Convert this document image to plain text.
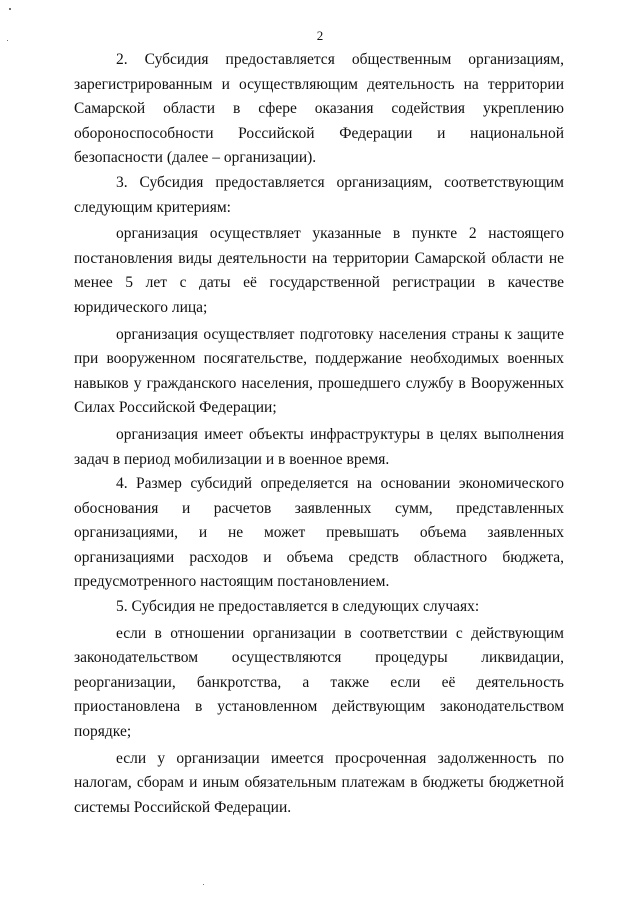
2

2. Субсидия предоставляется общественным организациям, зарегистрированным и осуществляющим деятельность на территории Самарской области в сфере оказания содействия укреплению обороноспособности Российской Федерации и национальной безопасности (далее – организации).

3. Субсидия предоставляется организациям, соответствующим следующим критериям:

организация осуществляет указанные в пункте 2 настоящего постановления виды деятельности на территории Самарской области не менее 5 лет с даты её государственной регистрации в качестве юридического лица;

организация осуществляет подготовку населения страны к защите при вооруженном посягательстве, поддержание необходимых военных навыков у гражданского населения, прошедшего службу в Вооруженных Силах Российской Федерации;

организация имеет объекты инфраструктуры в целях выполнения задач в период мобилизации и в военное время.

4. Размер субсидий определяется на основании экономического обоснования и расчетов заявленных сумм, представленных организациями, и не может превышать объема заявленных организациями расходов и объема средств областного бюджета, предусмотренного настоящим постановлением.

5. Субсидия не предоставляется в следующих случаях:

если в отношении организации в соответствии с действующим законодательством осуществляются процедуры ликвидации, реорганизации, банкротства, а также если её деятельность приостановлена в установленном действующим законодательством порядке;

если у организации имеется просроченная задолженность по налогам, сборам и иным обязательным платежам в бюджеты бюджетной системы Российской Федерации.
